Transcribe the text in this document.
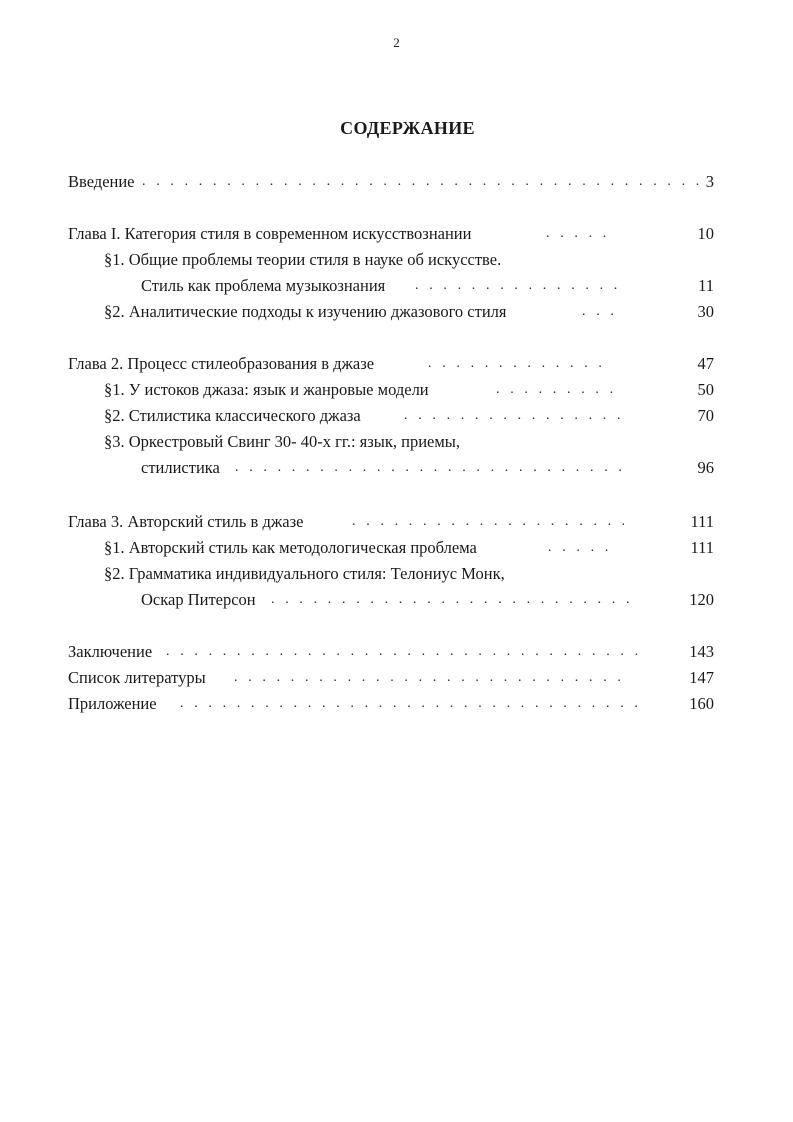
2
СОДЕРЖАНИЕ
Введение . . .	3
Глава I. Категория стиля в современном искусствознании . . .	10
§1. Общие проблемы теории стиля в науке об искусстве.
Стиль как проблема музыкознания . . .	11
§2. Аналитические подходы к изучению джазового стиля . . .	30
Глава 2. Процесс стилеобразования в джазе . . .	47
§1. У истоков джаза: язык и жанровые модели . . .	50
§2. Стилистика классического джаза . . .	70
§3. Оркестровый Свинг 30- 40-х гг.: язык, приемы,
стилистика . . .	96
Глава 3. Авторский стиль в джазе . . .	111
§1. Авторский стиль как методологическая проблема . . .	111
§2. Грамматика индивидуального стиля: Телониус Монк,
Оскар Питерсон . . .	120
Заключение . . .	143
Список литературы . . .	147
Приложение . . .	160
